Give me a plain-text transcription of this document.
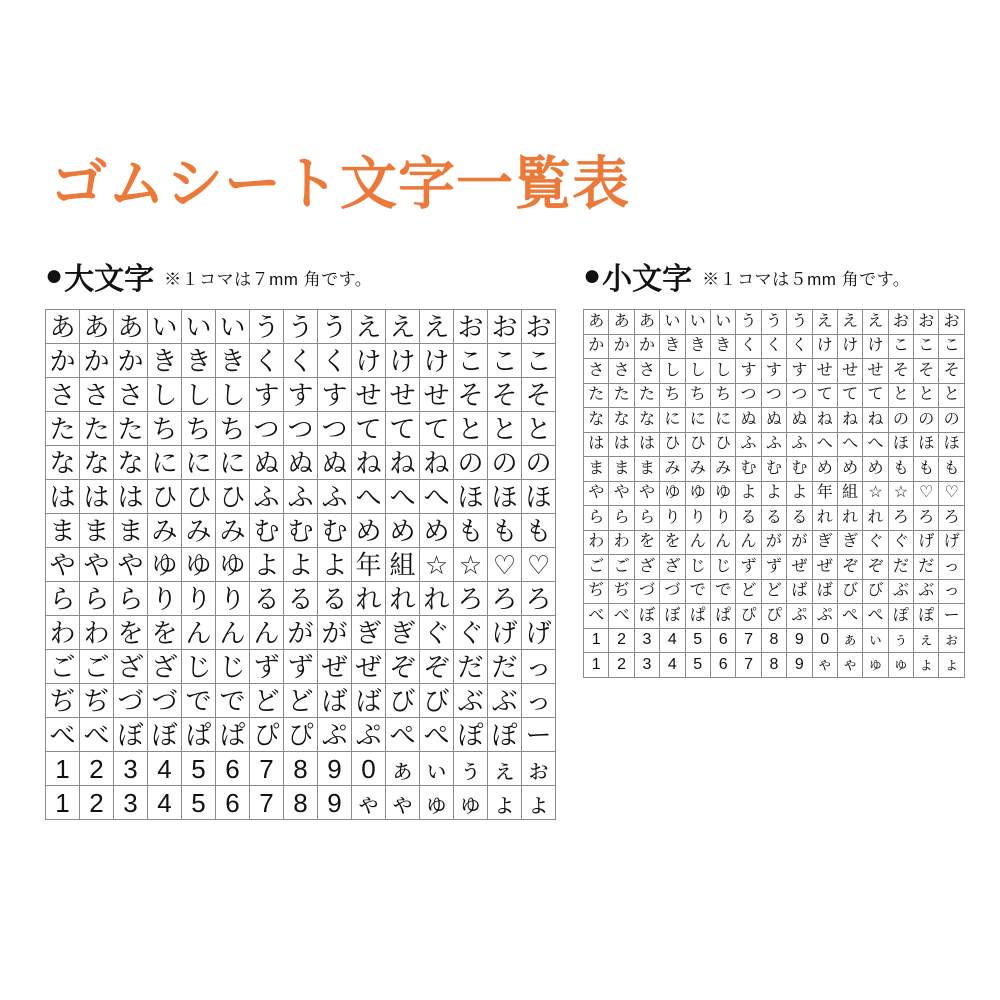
ゴムシート文字一覧表
● 大文字 ※１コマは７mm 角です。
あ あ あ い い い う う う え え え お お お
か か か き き き く く く け け け こ こ こ
さ さ さ し し し す す す せ せ せ そ そ そ
た た た ち ち ち つ つ つ て て て と と と
な な な に に に ぬ ぬ ぬ ね ね ね の の の
は は は ひ ひ ひ ふ ふ ふ へ へ へ ほ ほ ほ
ま ま ま み み み む む む め め め も も も
や や や ゆ ゆ ゆ よ よ よ 年 組 ☆ ☆ ♡ ♡
ら ら ら り り り る る る れ れ れ ろ ろ ろ
わ わ を を ん ん ん が が ぎ ぎ ぐ ぐ げ げ
ご ご ざ ざ じ じ ず ず ぜ ぜ ぞ ぞ だ だ っ
ぢ ぢ づ づ で で ど ど ば ば び び ぶ ぶ っ
べ べ ぼ ぼ ぱ ぱ ぴ ぴ ぷ ぷ ぺ ぺ ぽ ぽ ー
1 2 3 4 5 6 7 8 9 0 ぁ ぃ ぅ ぇ ぉ
1 2 3 4 5 6 7 8 9 ゃ ゃ ゅ ゅ ょ ょ
● 小文字 ※１コマは５mm 角です。
あ あ あ い い い う う う え え え お お お
か か か き き き く く く け け け こ こ こ
さ さ さ し し し す す す せ せ せ そ そ そ
た た た ち ち ち つ つ つ て て て と と と
な な な に に に ぬ ぬ ぬ ね ね ね の の の
は は は ひ ひ ひ ふ ふ ふ へ へ へ ほ ほ ほ
ま ま ま み み み む む む め め め も も も
や や や ゆ ゆ ゆ よ よ よ 年 組 ☆ ☆ ♡ ♡
ら ら ら り り り る る る れ れ れ ろ ろ ろ
わ わ を を ん ん ん が が ぎ ぎ ぐ ぐ げ げ
ご ご ざ ざ じ じ ず ず ぜ ぜ ぞ ぞ だ だ っ
ぢ ぢ づ づ で で ど ど ば ば び び ぶ ぶ っ
べ べ ぼ ぼ ぱ ぱ ぴ ぴ ぷ ぷ ぺ ぺ ぽ ぽ ー
1	2	3	4	5	6	7	8	9	0 ぁ ぃ ぅ ぇ ぉ
1	2	3	4	5	6	7	8	9 ゃ ゃ ゅ ゅ ょ ょ
